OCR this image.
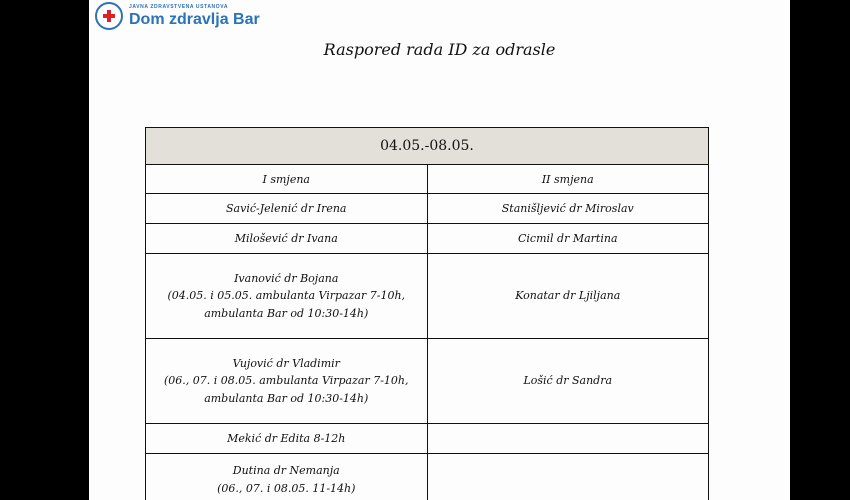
JAVNA ZDRAVSTVENA USTANOVA
Dom zdravlja Bar
Raspored rada ID za odrasle
04.05.-08.05.	
I smjena	II smjena

Savić-Jelenić dr Irena	Stanišljević dr Miroslav

Milošević dr Ivana	Cicmil dr Martina

Ivanović dr Bojana
(04.05. i 05.05. ambulanta Virpazar 7-10h,
ambulanta Bar od 10:30-14h)	Konatar dr Ljiljana

Vujović dr Vladimir
(06., 07. i 08.05. ambulanta Virpazar 7-10h,
ambulanta Bar od 10:30-14h)	Lošić dr Sandra

Mekić dr Edita 8-12h	

Dutina dr Nemanja
(06., 07. i 08.05. 11-14h)	
